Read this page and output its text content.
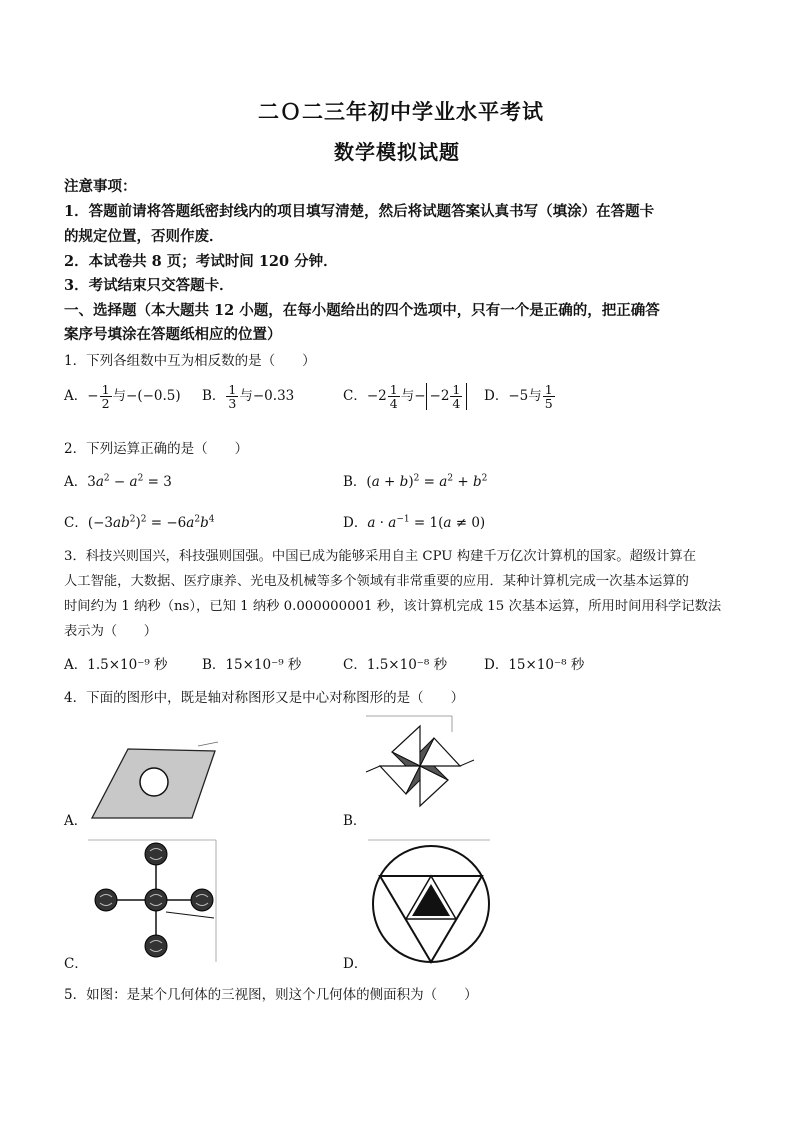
二Ｏ二三年初中学业水平考试
数学模拟试题
注意事项：
1．答题前请将答题纸密封线内的项目填写清楚，然后将试题答案认真书写（填涂）在答题卡
的规定位置，否则作废．
2．本试卷共 8 页；考试时间 120 分钟．
3．考试结束只交答题卡．
一、选择题（本大题共 12 小题，在每小题给出的四个选项中，只有一个是正确的，把正确答
案序号填涂在答题纸相应的位置）
1．下列各组数中互为相反数的是（　　）
A．− $\frac{1}{2}$ 与−(−0.5) B． $\frac{1}{3}$ 与−0.33	C．$-2 \frac{1}{4}$ 与− $-2 \frac{1}{4}$ D．−5与 $\frac{1}{5}$
2．下列运算正确的是（　　）
A．$3a^2 - a^2 = 3$	B．$(a + b)^2 = a^2 + b^2$
C．$(-3ab^2)^2 = -6a^2b^4$	D．$a \cdot a^{-1} = 1(a \ne 0)$
3．科技兴则国兴，科技强则国强。中国已成为能够采用自主 CPU 构建千万亿次计算机的国家。超级计算在
人工智能，大数据、医疗康养、光电及机械等多个领域有非常重要的应用．某种计算机完成一次基本运算的
时间约为 1 纳秒（ns），已知 1 纳秒 0.000000001 秒，该计算机完成 15 次基本运算，所用时间用科学记数法
表示为（　　）
A．1.5×10⁻⁹ 秒	B．15×10⁻⁹ 秒	C．1.5×10⁻⁸ 秒	D．15×10⁻⁸ 秒
4．下面的图形中，既是轴对称图形又是中心对称图形的是（　　）
A．	B．
C．	D．
5．如图：是某个几何体的三视图，则这个几何体的侧面积为（　　）
